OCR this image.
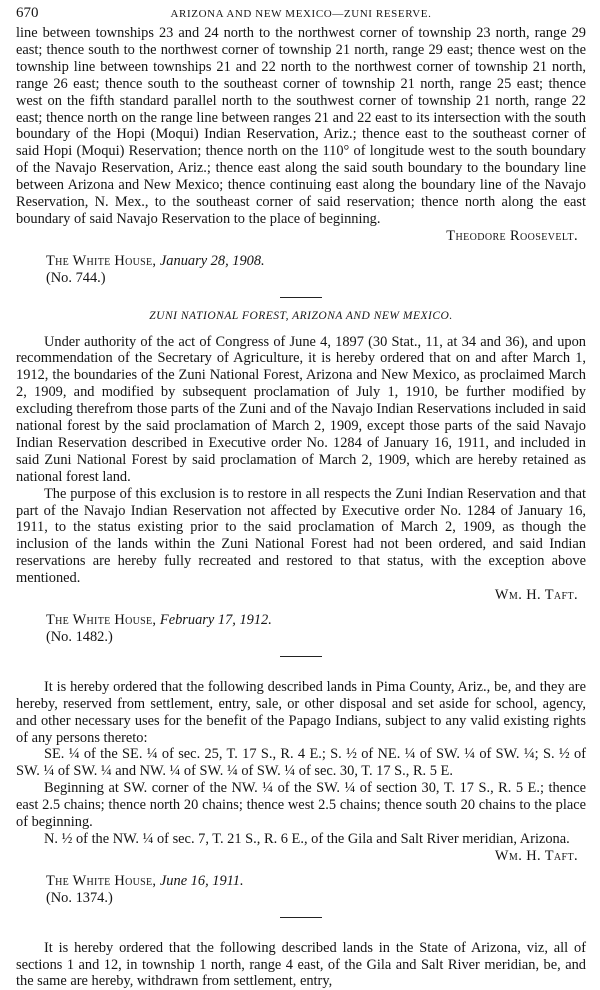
670	ARIZONA AND NEW MEXICO—ZUNI RESERVE.

line between townships 23 and 24 north to the northwest corner of township 23 north, range 29 east; thence south to the northwest corner of township 21 north, range 29 east; thence west on the township line between townships 21 and 22 north to the northwest corner of township 21 north, range 26 east; thence south to the southeast corner of township 21 north, range 25 east; thence west on the fifth standard parallel north to the southwest corner of township 21 north, range 22 east; thence north on the range line between ranges 21 and 22 east to its intersection with the south boundary of the Hopi (Moqui) Indian Reservation, Ariz.; thence east to the southeast corner of said Hopi (Moqui) Reservation; thence north on the 110° of longitude west to the south boundary of the Navajo Reservation, Ariz.; thence east along the said south boundary to the boundary line between Arizona and New Mexico; thence continuing east along the boundary line of the Navajo Reservation, N. Mex., to the southeast corner of said reservation; thence north along the east boundary of said Navajo Reservation to the place of beginning.

Theodore Roosevelt.

The White House, January 28, 1908.

(No. 744.)

ZUNI NATIONAL FOREST, ARIZONA AND NEW MEXICO.

Under authority of the act of Congress of June 4, 1897 (30 Stat., 11, at 34 and 36), and upon recommendation of the Secretary of Agriculture, it is hereby ordered that on and after March 1, 1912, the boundaries of the Zuni National Forest, Arizona and New Mexico, as proclaimed March 2, 1909, and modified by subsequent proclamation of July 1, 1910, be further modified by excluding therefrom those parts of the Zuni and of the Navajo Indian Reservations included in said national forest by the said proclamation of March 2, 1909, except those parts of the said Navajo Indian Reservation described in Executive order No. 1284 of January 16, 1911, and included in said Zuni National Forest by said proclamation of March 2, 1909, which are hereby retained as national forest land.

The purpose of this exclusion is to restore in all respects the Zuni Indian Reservation and that part of the Navajo Indian Reservation not affected by Executive order No. 1284 of January 16, 1911, to the status existing prior to the said proclamation of March 2, 1909, as though the inclusion of the lands within the Zuni National Forest had not been ordered, and said Indian reservations are hereby fully recreated and restored to that status, with the exception above mentioned.

Wm. H. Taft.

The White House, February 17, 1912.

(No. 1482.)

It is hereby ordered that the following described lands in Pima County, Ariz., be, and they are hereby, reserved from settlement, entry, sale, or other disposal and set aside for school, agency, and other necessary uses for the benefit of the Papago Indians, subject to any valid existing rights of any persons thereto:

SE. ¼ of the SE. ¼ of sec. 25, T. 17 S., R. 4 E.; S. ½ of NE. ¼ of SW. ¼ of SW. ¼; S. ½ of SW. ¼ of SW. ¼ and NW. ¼ of SW. ¼ of SW. ¼ of sec. 30, T. 17 S., R. 5 E.

Beginning at SW. corner of the NW. ¼ of the SW. ¼ of section 30, T. 17 S., R. 5 E.; thence east 2.5 chains; thence north 20 chains; thence west 2.5 chains; thence south 20 chains to the place of beginning.

N. ½ of the NW. ¼ of sec. 7, T. 21 S., R. 6 E., of the Gila and Salt River meridian, Arizona.

Wm. H. Taft.

The White House, June 16, 1911.

(No. 1374.)

It is hereby ordered that the following described lands in the State of Arizona, viz, all of sections 1 and 12, in township 1 north, range 4 east, of the Gila and Salt River meridian, be, and the same are hereby, withdrawn from settlement, entry,
